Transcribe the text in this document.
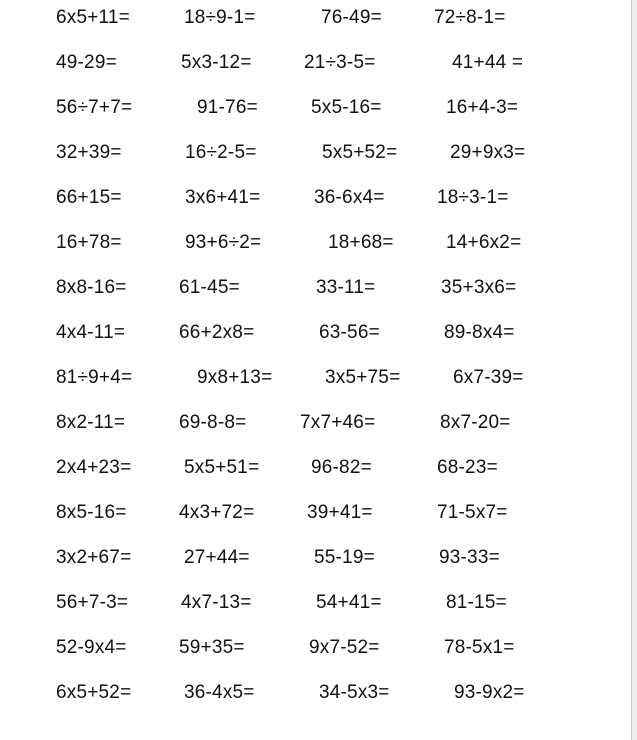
6x5+11=	18÷9-1=	76-49=	72÷8-1=
49-29=	5x3-12=	21÷3-5=	41+44 =
56÷7+7=	91-76=	5x5-16=	16+4-3=
32+39=	16÷2-5=	5x5+52=	29+9x3=
66+15=	3x6+41=	36-6x4=	18÷3-1=
16+78=	93+6÷2=	18+68=	14+6x2=
8x8-16=	61-45=	33-11=	35+3x6=
4x4-11=	66+2x8=	63-56=	89-8x4=
81÷9+4=	9x8+13=	3x5+75=	6x7-39=
8x2-11=	69-8-8=	7x7+46=	8x7-20=
2x4+23=	5x5+51=	96-82=	68-23=
8x5-16=	4x3+72=	39+41=	71-5x7=
3x2+67=	27+44=	55-19=	93-33=
56+7-3=	4x7-13=	54+41=	81-15=
52-9x4=	59+35=	9x7-52=	78-5x1=
6x5+52=	36-4x5=	34-5x3=	93-9x2=
